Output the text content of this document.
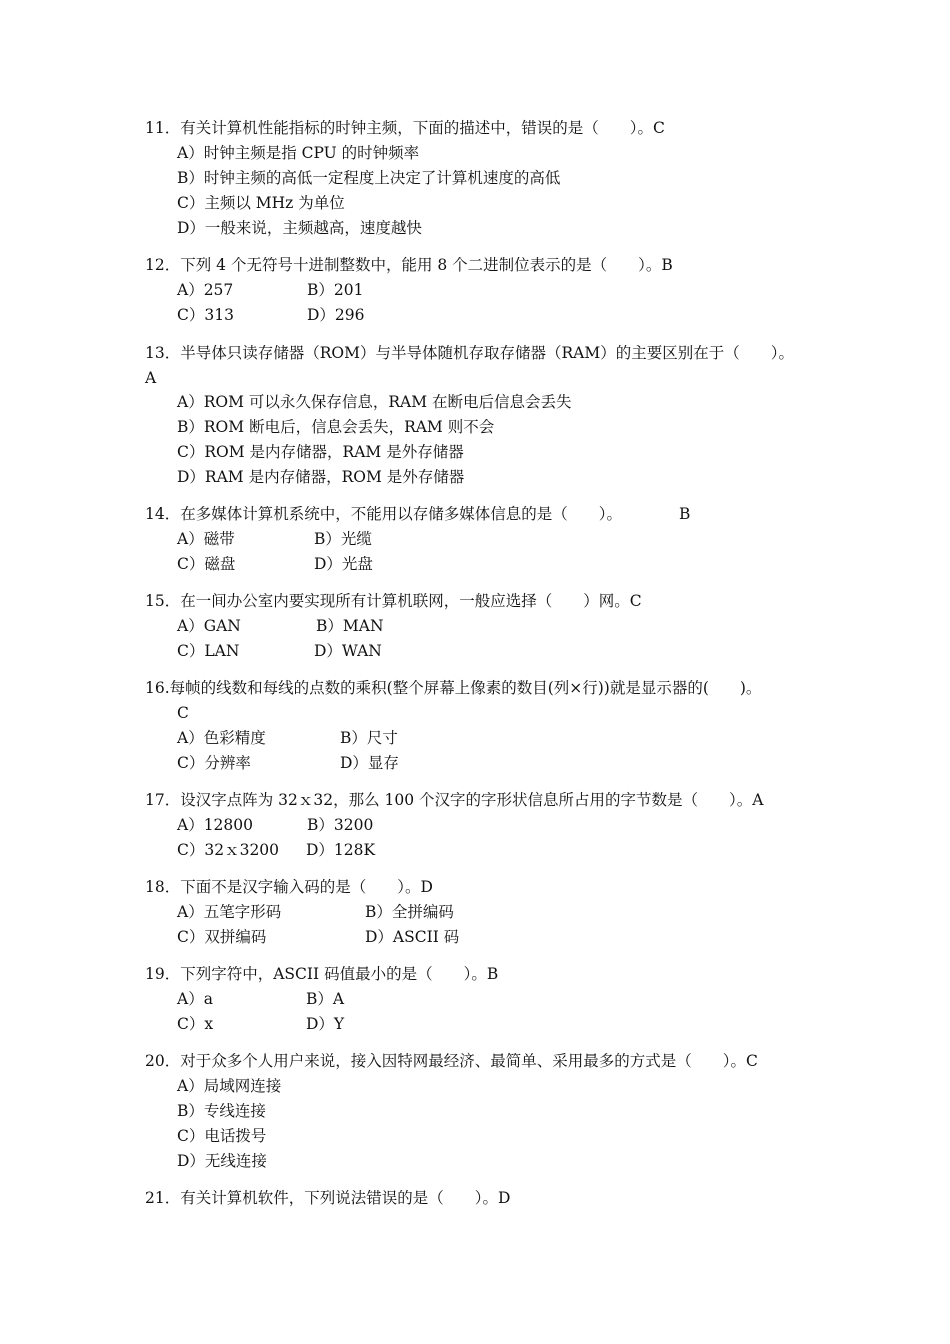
11．有关计算机性能指标的时钟主频，下面的描述中，错误的是（　　）。C
A）时钟主频是指 CPU 的时钟频率
B）时钟主频的高低一定程度上决定了计算机速度的高低
C）主频以 MHz 为单位
D）一般来说，主频越高，速度越快
12．下列 4 个无符号十进制整数中，能用 8 个二进制位表示的是（　　）。B
A）257	B）201
C）313	D）296
13．半导体只读存储器（ROM）与半导体随机存取存储器（RAM）的主要区别在于（　　）。
A
A）ROM 可以永久保存信息，RAM 在断电后信息会丢失
B）ROM 断电后，信息会丢失，RAM 则不会
C）ROM 是内存储器，RAM 是外存储器
D）RAM 是内存储器，ROM 是外存储器
14．在多媒体计算机系统中，不能用以存储多媒体信息的是（　　）。	B
A）磁带	B）光缆
C）磁盘	D）光盘
15．在一间办公室内要实现所有计算机联网，一般应选择（　　）网。C
A）GAN	B）MAN
C）LAN	D）WAN
16.每帧的线数和每线的点数的乘积(整个屏幕上像素的数目(列×行))就是显示器的(　　)。
C
A）色彩精度	B）尺寸
C）分辨率	D）显存
17．设汉字点阵为 32ｘ32，那么 100 个汉字的字形状信息所占用的字节数是（　　）。A
A）12800	B）3200
C）32ｘ3200 D）128K
18．下面不是汉字输入码的是（　　）。D
A）五笔字形码	B）全拼编码
C）双拼编码	D）ASCII 码
19．下列字符中，ASCII 码值最小的是（　　）。B
A）a	B）A
C）x	D）Y
20．对于众多个人用户来说，接入因特网最经济、最简单、采用最多的方式是（　　）。C
A）局域网连接
B）专线连接
C）电话拨号
D）无线连接
21．有关计算机软件，下列说法错误的是（　　）。D
